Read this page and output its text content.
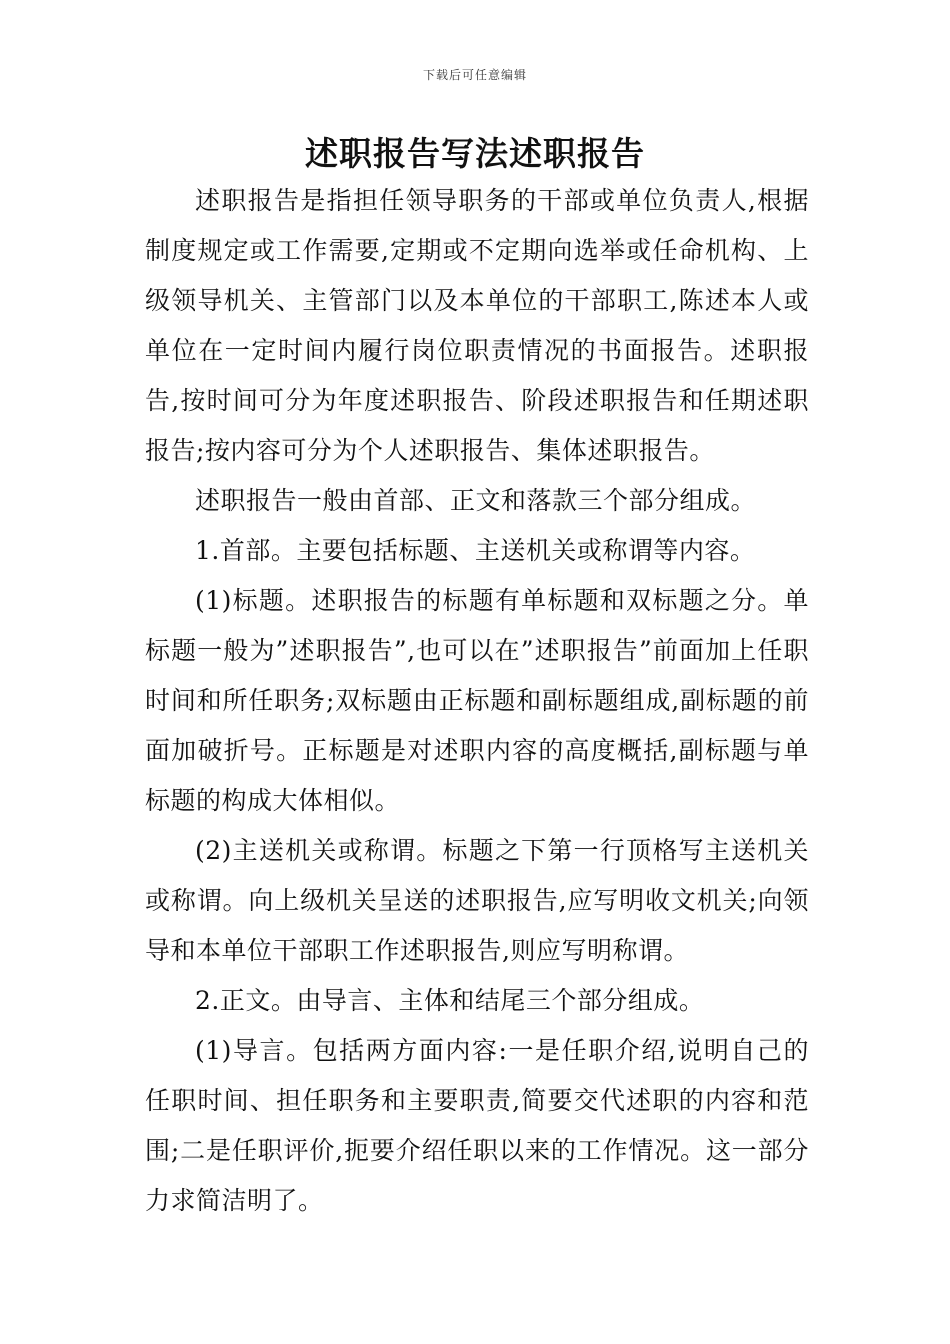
下载后可任意编辑
述职报告写法述职报告

述职报告是指担任领导职务的干部或单位负责人,根据制度规定或工作需要,定期或不定期向选举或任命机构、上级领导机关、主管部门以及本单位的干部职工,陈述本人或单位在一定时间内履行岗位职责情况的书面报告。述职报告,按时间可分为年度述职报告、阶段述职报告和任期述职报告;按内容可分为个人述职报告、集体述职报告。

述职报告一般由首部、正文和落款三个部分组成。

1.首部。主要包括标题、主送机关或称谓等内容。

(1)标题。述职报告的标题有单标题和双标题之分。单标题一般为”述职报告”,也可以在”述职报告”前面加上任职时间和所任职务;双标题由正标题和副标题组成,副标题的前面加破折号。正标题是对述职内容的高度概括,副标题与单标题的构成大体相似。

(2)主送机关或称谓。标题之下第一行顶格写主送机关或称谓。向上级机关呈送的述职报告,应写明收文机关;向领导和本单位干部职工作述职报告,则应写明称谓。

2.正文。由导言、主体和结尾三个部分组成。

(1)导言。包括两方面内容:一是任职介绍,说明自己的任职时间、担任职务和主要职责,简要交代述职的内容和范围;二是任职评价,扼要介绍任职以来的工作情况。这一部分力求简洁明了。
